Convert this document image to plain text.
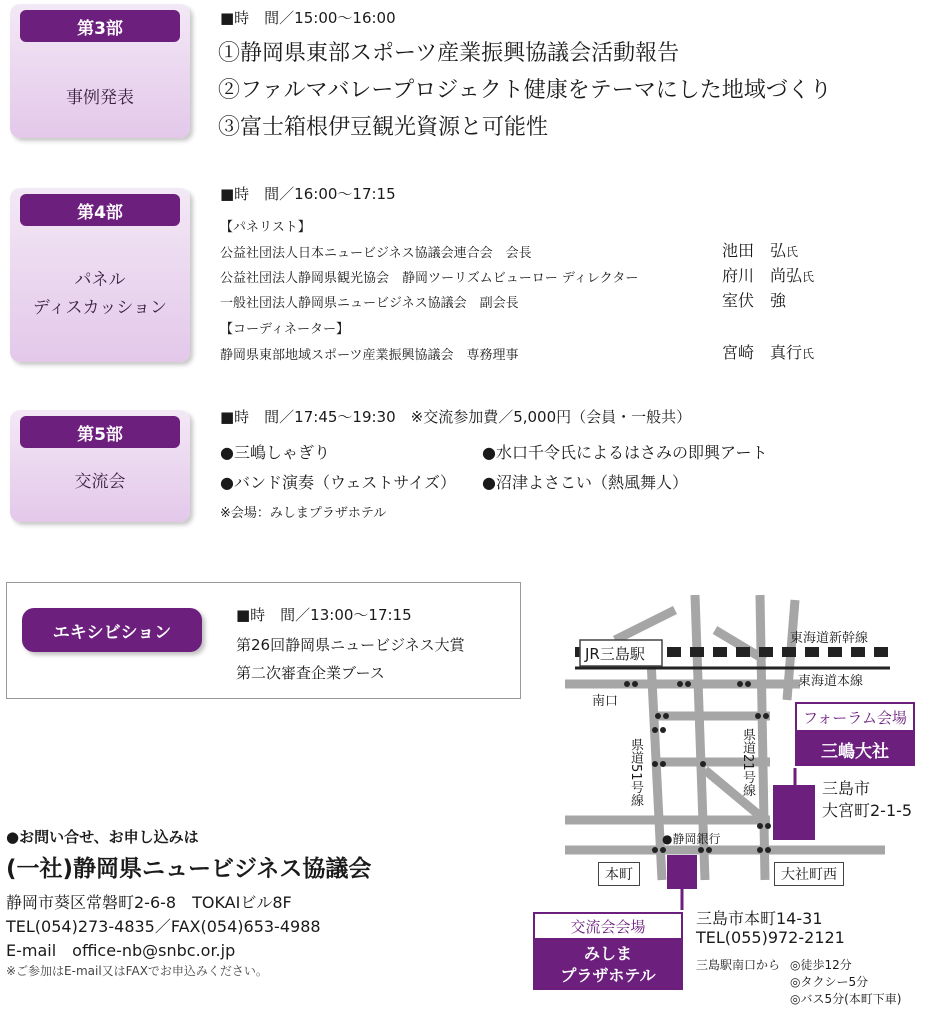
第3部
事例発表
■時　間／15:00〜16:00
①静岡県東部スポーツ産業振興協議会活動報告
②ファルマバレープロジェクト健康をテーマにした地域づくり
③富士箱根伊豆観光資源と可能性
第4部
パネル
ディスカッション
■時　間／16:00〜17:15
【パネリスト】
公益社団法人日本ニュービジネス協議会連合会　会長	池田　弘氏
公益社団法人静岡県観光協会　静岡ツーリズムビューロー ディレクター	府川　尚弘氏
一般社団法人静岡県ニュービジネス協議会　副会長	室伏　強
【コーディネーター】
静岡県東部地域スポーツ産業振興協議会　専務理事	宮崎　真行氏
第5部
交流会
■時　間／17:45〜19:30　※交流参加費／5,000円（会員・一般共）
●三嶋しゃぎり	●水口千令氏によるはさみの即興アート
●バンド演奏（ウェストサイズ） ●沼津よさこい（熱風舞人）
※会場：みしまプラザホテル
エキシビション
■時　間／13:00〜17:15
第26回静岡県ニュービジネス大賞
第二次審査企業ブース
●お問い合せ、お申し込みは
(一社)静岡県ニュービジネス協議会
静岡市葵区常磐町2-6-8　TOKAIビル8F
TEL(054)273-4835／FAX(054)653-4988
E-mail　office-nb@snbc.or.jp
※ご参加はE-mail又はFAXでお申込みください。
JR三島駅
東海道新幹線
東海道本線
南口
県道51号線	県道21号線
●静岡銀行
本町	大社町西
フォーラム会場
三嶋大社
三島市
大宮町2-1-5
交流会会場
みしま
プラザホテル
三島市本町14-31
TEL(055)972-2121
三島駅南口から ◎徒歩12分
◎タクシー5分
◎バス5分(本町下車)
